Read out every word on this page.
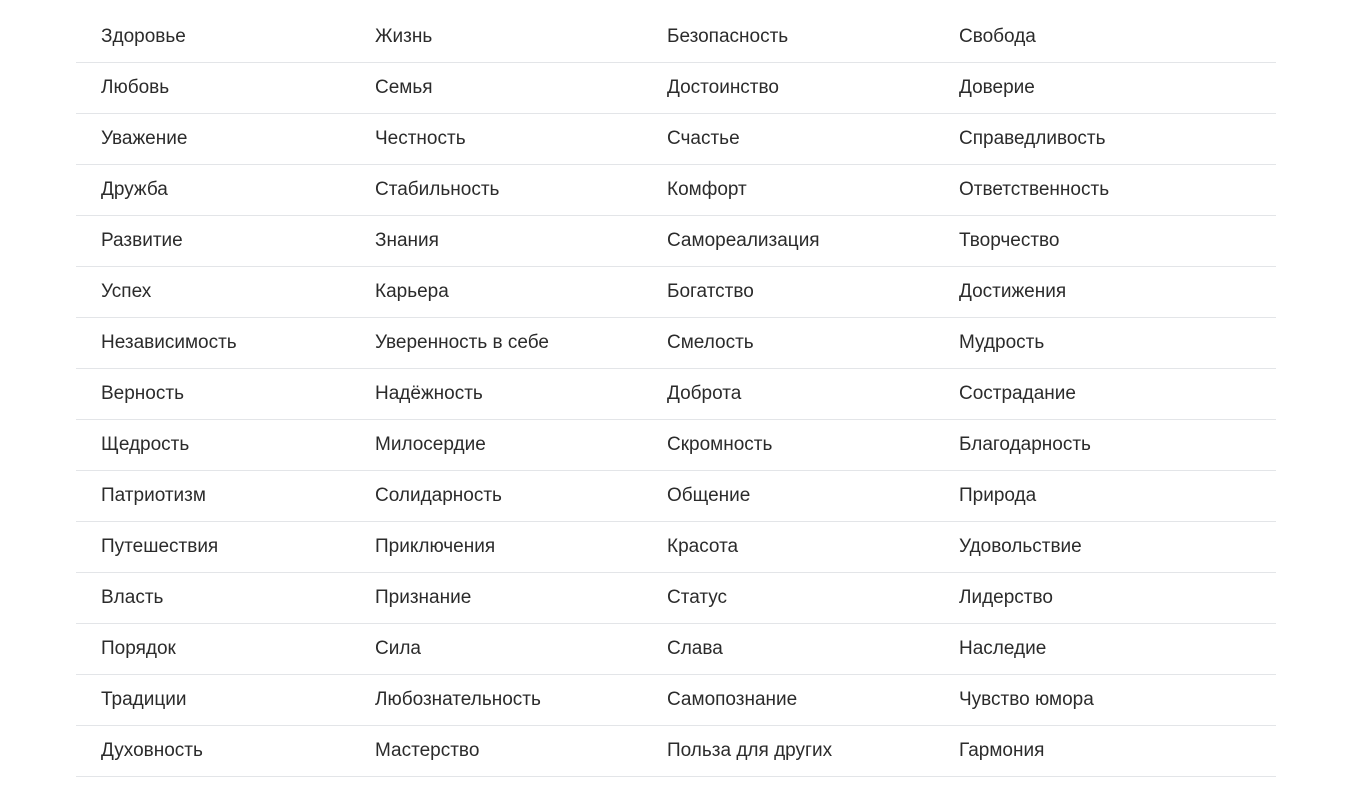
Здоровье	Жизнь	Безопасность	Свобода
Любовь	Семья	Достоинство	Доверие
Уважение	Честность	Счастье	Справедливость
Дружба	Стабильность	Комфорт	Ответственность
Развитие	Знания	Самореализация	Творчество
Успех	Карьера	Богатство	Достижения
Независимость	Уверенность в себе	Смелость	Мудрость
Верность	Надёжность	Доброта	Сострадание
Щедрость	Милосердие	Скромность	Благодарность
Патриотизм	Солидарность	Общение	Природа
Путешествия	Приключения	Красота	Удовольствие
Власть	Признание	Статус	Лидерство
Порядок	Сила	Слава	Наследие
Традиции	Любознательность	Самопознание	Чувство юмора
Духовность	Мастерство	Польза для других	Гармония
